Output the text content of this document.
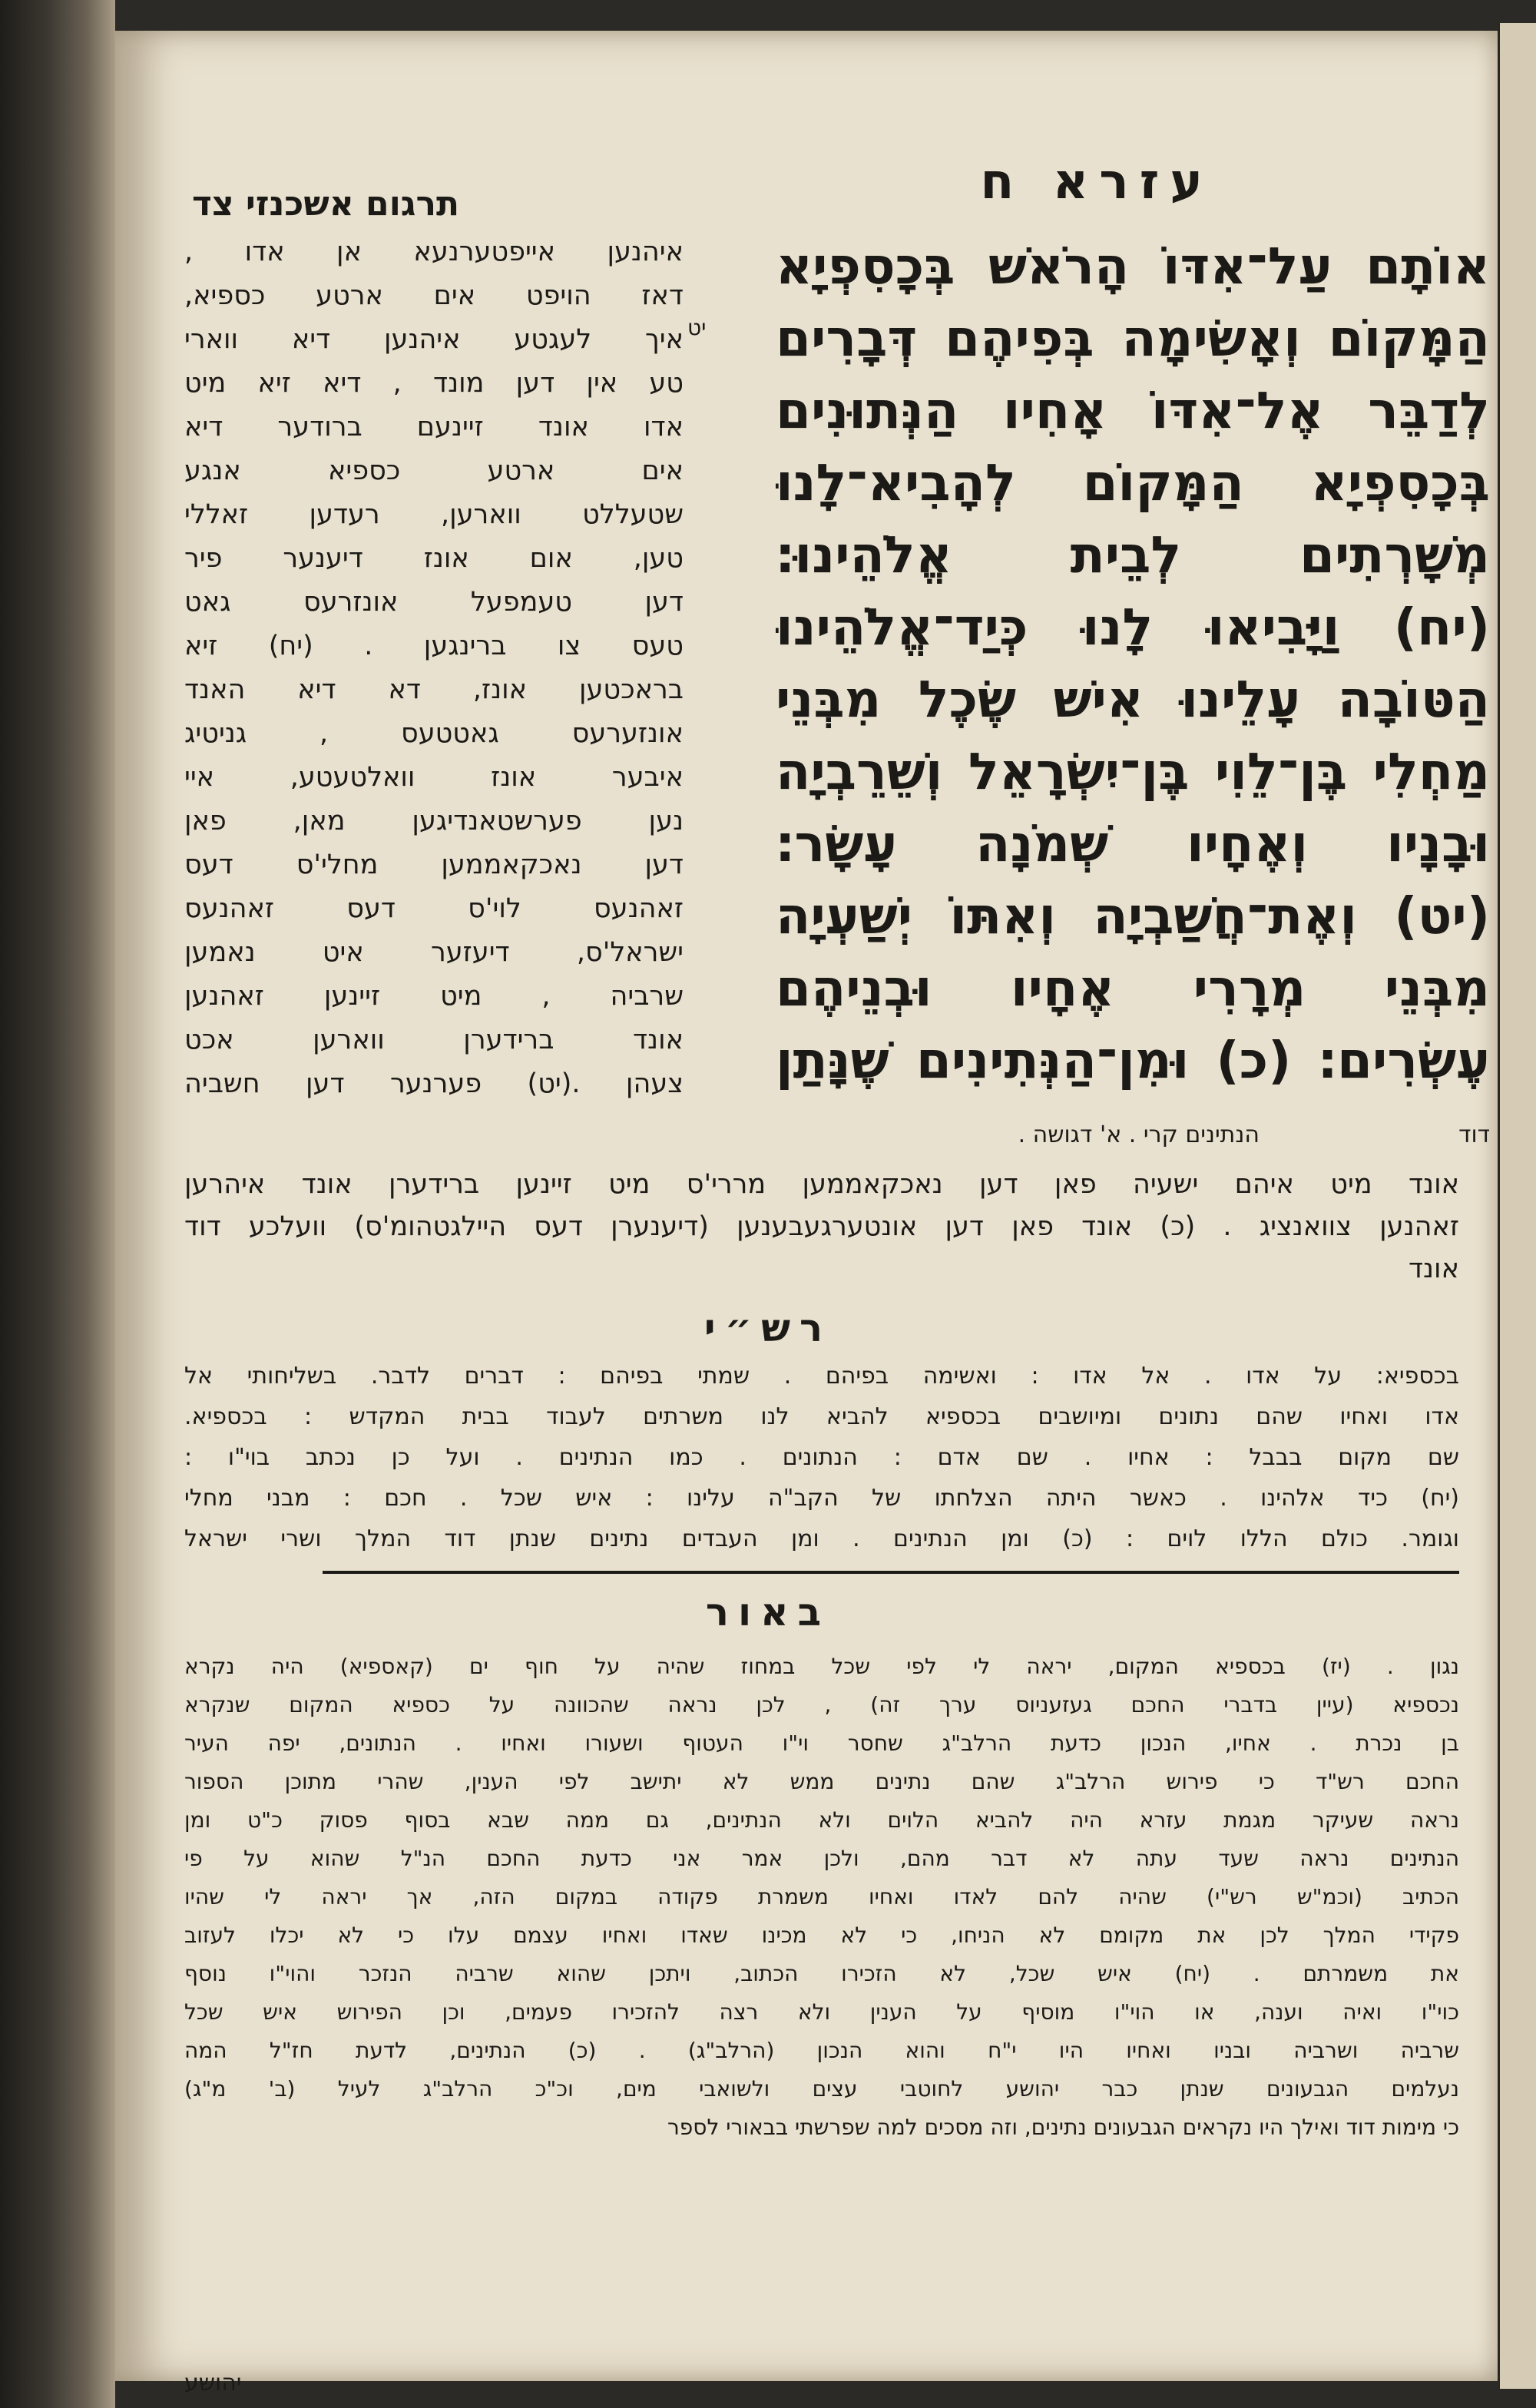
עזרא ח
תרגום אשכנזי צד
יט
אוֹתָם עַל־אִדּוֹ הָרֹאשׁ בְּכָסִפְיָא
הַמָּקוֹם וְאָשִׂימָה בְּפִיהֶם דְּבָרִים
לְדַבֵּר אֶל־אִדּוֹ אָחִיו הַנְּתוּנִים
בְּכָסִפְיָא הַמָּקוֹם לְהָבִיא־לָנוּ
מְשָׁרְתִים לְבֵית אֱלֹהֵינוּ׃
(יח) וַיָּבִיאוּ לָנוּ כְּיַד־אֱלֹהֵינוּ
הַטּוֹבָה עָלֵינוּ אִישׁ שֶׂכֶל מִבְּנֵי
מַחְלִי בֶּן־לֵוִי בֶּן־יִשְׂרָאֵל וְשֵׁרֵבְיָה
וּבָנָיו וְאֶחָיו שְׁמֹנָה עָשָׂר׃
(יט) וְאֶת־חֲשַׁבְיָה וְאִתּוֹ יְשַׁעְיָה
מִבְּנֵי מְרָרִי אֶחָיו וּבְנֵיהֶם
עֶשְׂרִים׃ (כ) וּמִן־הַנְּתִינִים שֶׁנָּתַן
הנתינים קרי . א' דגושה .	דוד
איהנען אייפטערנעא אן אדו ,
דאז הויפט אים ארטע כספיא,
איך לעגטע איהנען דיא ווארי
טע אין דען מונד , דיא זיא מיט
אדו אונד זיינעם ברודער דיא
אים ארטע כספיא אנגע
שטעללט ווארען, רעדען זאללי
טען, אום אונז דיענער פיר
דען טעמפעל אונזרעס גאט
טעס צו ברינגען . (יח) זיא
בראכטען אונז, דא דיא האנד
אונזערעס גאטטעס , גניטיג
איבער אונז וואלטעטע, איי
נען פערשטאנדיגען מאן, פאן
דען נאכקאממען מחלי'ס דעס
זאהנעס לוי'ס דעס זאהנעס
ישראל'ס, דיעזער איט נאמען
שרביה , מיט זיינען זאהנען
אונד ברידערן ווארען אכט
צעהן .(יט) פערנער דען חשביה
אונד מיט איהם ישעיה פאן דען נאכקאממען מררי'ס מיט זיינען ברידערן אונד איהרען
זאהנען צוואנציג . (כ) אונד פאן דען אונטערגעבענען (דיענערן דעס היילגטהומ'ס) וועלכע דוד
אונד
רש״י
בכספיא: על אדו . אל אדו : ואשימה בפיהם . שמתי בפיהם : דברים לדבר. בשליחותי אל
אדו ואחיו שהם נתונים ומיושבים בכספיא להביא לנו משרתים לעבוד בבית המקדש : בכספיא.
שם מקום בבבל : אחיו . שם אדם : הנתונים . כמו הנתינים . ועל כן נכתב בוי"ו :
(יח) כיד אלהינו . כאשר היתה הצלחתו של הקב"ה עלינו : איש שכל . חכם : מבני מחלי
וגומר. כולם הללו לוים : (כ) ומן הנתינים . ומן העבדים נתינים שנתן דוד המלך ושרי ישראל
באור
נגון . (יז) בכספיא המקום, יראה לי לפי שכל במחוז שהיה על חוף ים (קאספיא) היה נקרא
נכספיא (עיין בדברי החכם געזעניוס ערך זה) , לכן נראה שהכוונה על כספיא המקום שנקרא
בן נכרת . אחיו, הנכון כדעת הרלב"ג שחסר וי"ו העטוף ושעורו ואחיו . הנתונים, יפה העיר
החכם רש"ד כי פירוש הרלב"ג שהם נתינים ממש לא יתישב לפי הענין, שהרי מתוכן הספור
נראה שעיקר מגמת עזרא היה להביא הלוים ולא הנתינים, גם ממה שבא בסוף פסוק כ"ט ומן
הנתינים נראה שעד עתה לא דבר מהם, ולכן אמר אני כדעת החכם הנ"ל שהוא על פי
הכתיב (וכמ"ש רש"י) שהיה להם לאדו ואחיו משמרת פקודה במקום הזה, אך יראה לי שהיו
פקידי המלך לכן את מקומם לא הניחו, כי לא מכינו שאדו ואחיו עצמם עלו כי לא יכלו לעזוב
את משמרתם . (יח) איש שכל, לא הזכירו הכתוב, ויתכן שהוא שרביה הנזכר והוי"ו נוסף
כוי"ו ואיה וענה, או הוי"ו מוסיף על הענין ולא רצה להזכירו פעמים, וכן הפירוש איש שכל
שרביה ושרביה ובניו ואחיו היו י"ח והוא הנכון (הרלב"ג) . (כ) הנתינים, לדעת חז"ל המה
נעלמים הגבעונים שנתן כבר יהושע לחוטבי עצים ולשואבי מים, וכ"כ הרלב"ג לעיל (ב' מ"ג)
כי מימות דוד ואילך היו נקראים הגבעונים נתינים, וזה מסכים למה שפרשתי בבאורי לספר
יהושע
